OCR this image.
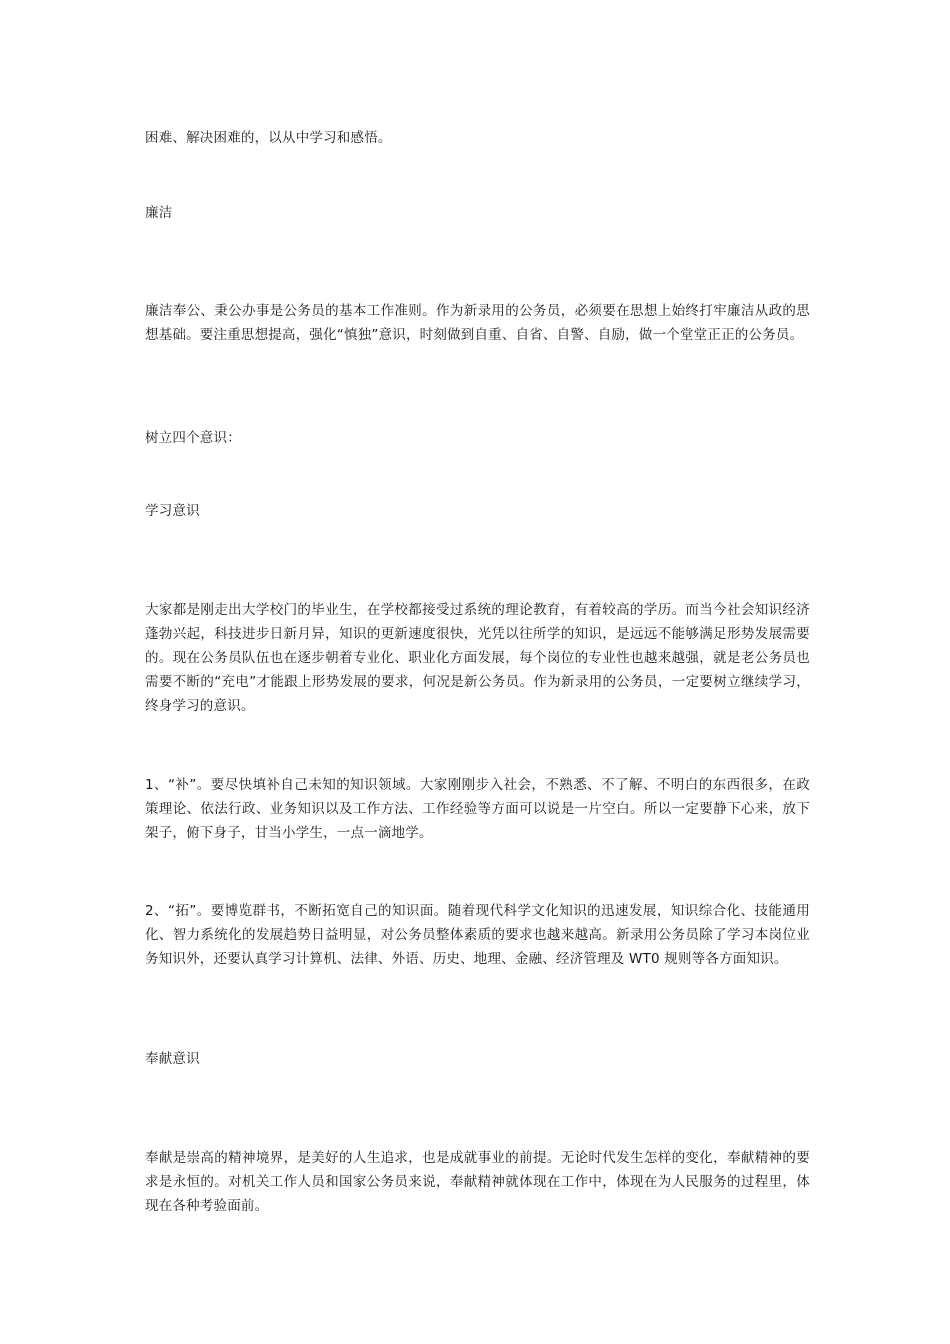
困难、解决困难的，以从中学习和感悟。

廉洁

廉洁奉公、秉公办事是公务员的基本工作准则。作为新录用的公务员，必须要在思想上始终打牢廉洁从政的思想基础。要注重思想提高，强化“慎独”意识，时刻做到自重、自省、自警、自励，做一个堂堂正正的公务员。

树立四个意识：

学习意识

大家都是刚走出大学校门的毕业生，在学校都接受过系统的理论教育，有着较高的学历。而当今社会知识经济蓬勃兴起，科技进步日新月异，知识的更新速度很快，光凭以往所学的知识，是远远不能够满足形势发展需要的。现在公务员队伍也在逐步朝着专业化、职业化方面发展，每个岗位的专业性也越来越强，就是老公务员也需要不断的“充电”才能跟上形势发展的要求，何况是新公务员。作为新录用的公务员，一定要树立继续学习，终身学习的意识。

1、“补”。要尽快填补自己未知的知识领域。大家刚刚步入社会，不熟悉、不了解、不明白的东西很多，在政策理论、依法行政、业务知识以及工作方法、工作经验等方面可以说是一片空白。所以一定要静下心来，放下架子，俯下身子，甘当小学生，一点一滴地学。

2、“拓”。要博览群书，不断拓宽自己的知识面。随着现代科学文化知识的迅速发展，知识综合化、技能通用化、智力系统化的发展趋势日益明显，对公务员整体素质的要求也越来越高。新录用公务员除了学习本岗位业务知识外，还要认真学习计算机、法律、外语、历史、地理、金融、经济管理及 WT0 规则等各方面知识。

奉献意识

奉献是崇高的精神境界，是美好的人生追求，也是成就事业的前提。无论时代发生怎样的变化，奉献精神的要求是永恒的。对机关工作人员和国家公务员来说，奉献精神就体现在工作中，体现在为人民服务的过程里，体现在各种考验面前。
